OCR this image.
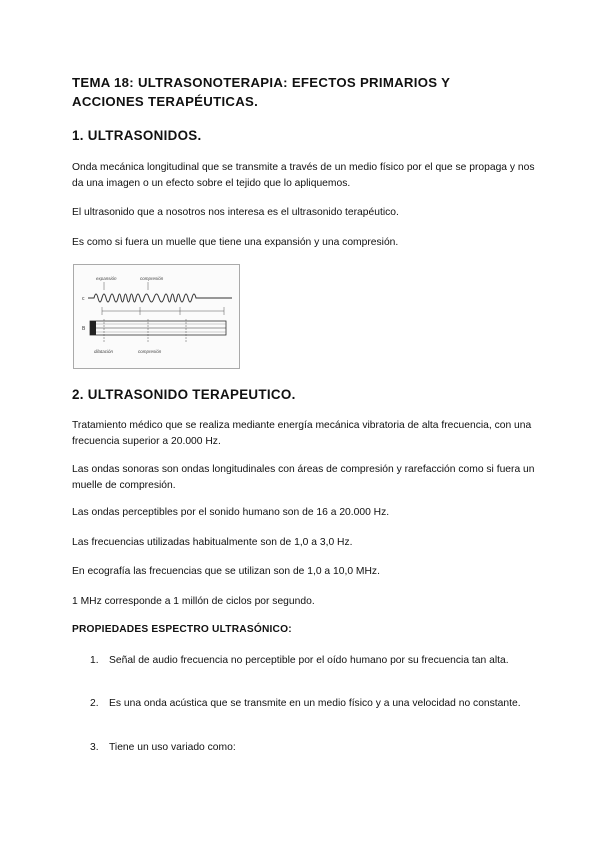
TEMA 18: ULTRASONOTERAPIA: EFECTOS PRIMARIOS Y ACCIONES TERAPÉUTICAS.
1. ULTRASONIDOS.

Onda mecánica longitudinal que se transmite a través de un medio físico por el que se propaga y nos da una imagen o un efecto sobre el tejido que lo apliquemos.

El ultrasonido que a nosotros nos interesa es el ultrasonido terapéutico.

Es como si fuera un muelle que tiene una expansión y una compresión.

expansión	compresión
c
B
dilatación	compresión
2. ULTRASONIDO TERAPEUTICO.

Tratamiento médico que se realiza mediante energía mecánica vibratoria de alta frecuencia, con una frecuencia superior a 20.000 Hz.

Las ondas sonoras son ondas longitudinales con áreas de compresión y rarefacción como si fuera un muelle de compresión.

Las ondas perceptibles por el sonido humano son de 16 a 20.000 Hz.

Las frecuencias utilizadas habitualmente son de 1,0 a 3,0 Hz.

En ecografía las frecuencias que se utilizan son de 1,0 a 10,0 MHz.

1 MHz corresponde a 1 millón de ciclos por segundo.

PROPIEDADES ESPECTRO ULTRASÓNICO:
1.	Señal de audio frecuencia no perceptible por el oído humano por su frecuencia tan alta.
2.	Es una onda acústica que se transmite en un medio físico y a una velocidad no constante.
3.	Tiene un uso variado como:
